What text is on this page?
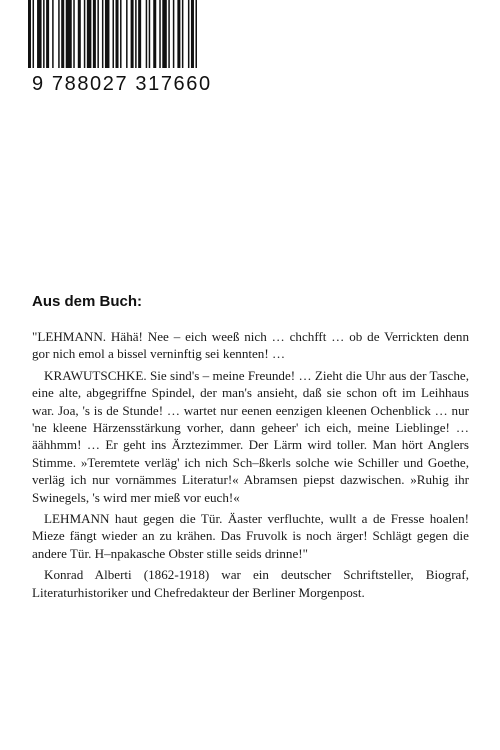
9 788027 317660
Aus dem Buch:

"LEHMANN. Hähä! Nee – eich weeß nich … chchfft … ob de Verrickten denn gor nich emol a bissel verninftig sei kennten! …

KRAWUTSCHKE. Sie sind's – meine Freunde! … Zieht die Uhr aus der Tasche, eine alte, abgegriffne Spindel, der man's ansieht, daß sie schon oft im Leihhaus war. Joa, 's is de Stunde! … wartet nur eenen eenzigen kleenen Ochenblick … nur 'ne kleene Härzensstärkung vorher, dann geheer' ich eich, meine Lieblinge! … äähhmm! … Er geht ins Ärztezimmer. Der Lärm wird toller. Man hört Anglers Stimme. »Teremtete verläg' ich nich Sch–ßkerls solche wie Schiller und Goethe, verläg ich nur vornämmes Literatur!« Abramsen piepst dazwischen. »Ruhig ihr Swinegels, 's wird mer mieß vor euch!«

LEHMANN haut gegen die Tür. Äaster verfluchte, wullt a de Fresse hoalen! Mieze fängt wieder an zu krähen. Das Fruvolk is noch ärger! Schlägt gegen die andere Tür. H–npakasche Obster stille seids drinne!"

Konrad Alberti (1862-1918) war ein deutscher Schriftsteller, Biograf, Literaturhistoriker und Chefredakteur der Berliner Morgenpost.
